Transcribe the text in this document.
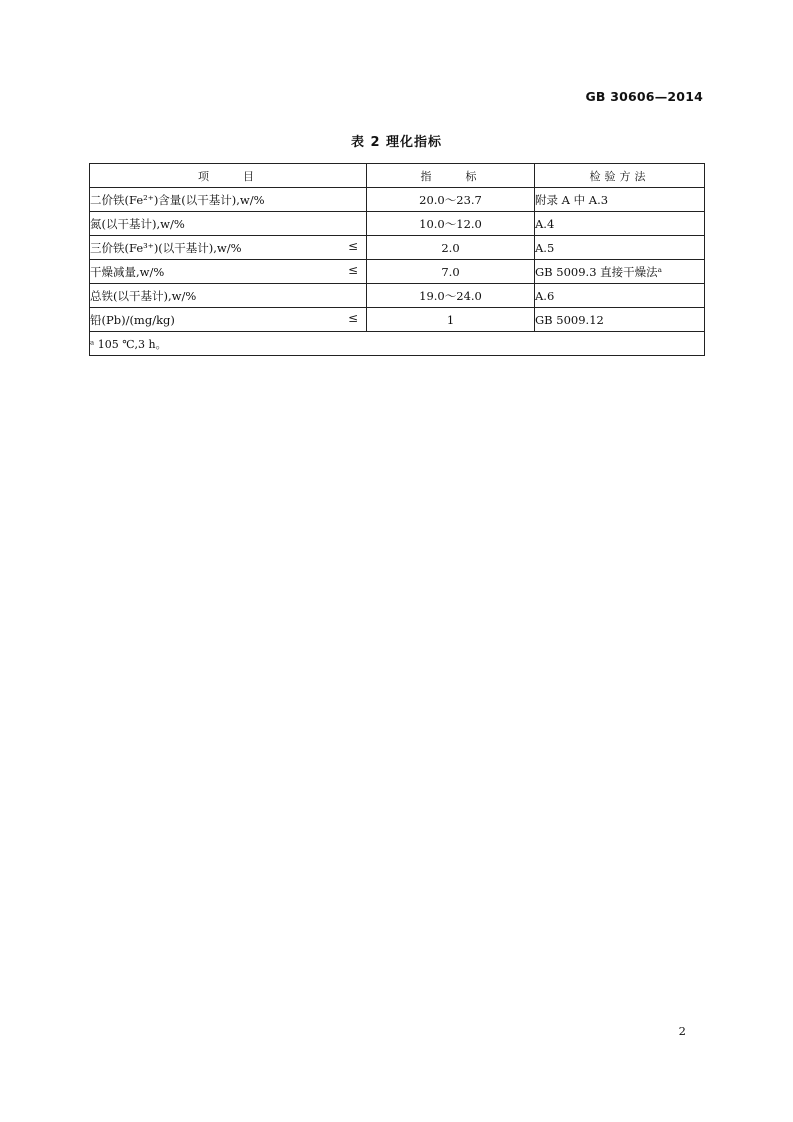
GB 30606—2014
表 2 理化指标
项　　目	指　　标	检验方法
二价铁(Fe²⁺)含量(以干基计),w/%	20.0～23.7	附录 A 中 A.3
氮(以干基计),w/%	10.0～12.0	A.4
三价铁(Fe³⁺)(以干基计),w/% ≤	2.0	A.5
干燥减量,w/% ≤	7.0	GB 5009.3 直接干燥法ᵃ
总铁(以干基计),w/%	19.0～24.0	A.6
铅(Pb)/(mg/kg) ≤	1	GB 5009.12
ᵃ 105 ℃,3 h。		
2
